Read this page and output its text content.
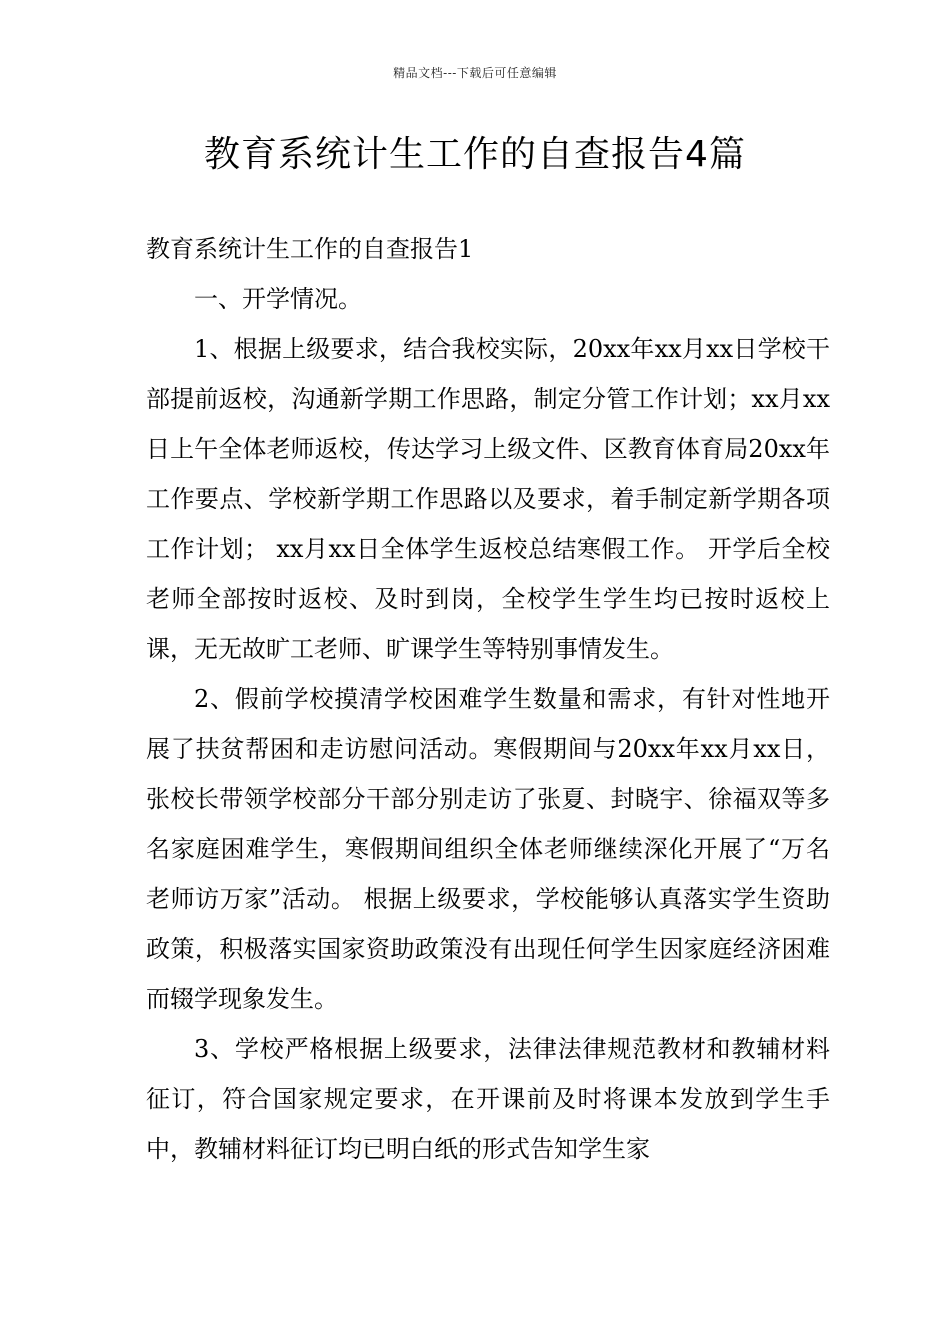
精品文档---下载后可任意编辑
教育系统计生工作的自查报告4篇

教育系统计生工作的自查报告1

一、开学情况。

1、根据上级要求，结合我校实际，20xx年xx月xx日学校干部提前返校，沟通新学期工作思路，制定分管工作计划；xx月xx日上午全体老师返校，传达学习上级文件、区教育体育局20xx年工作要点、学校新学期工作思路以及要求，着手制定新学期各项工作计划； xx月xx日全体学生返校总结寒假工作。 开学后全校老师全部按时返校、及时到岗，全校学生学生均已按时返校上课，无无故旷工老师、旷课学生等特别事情发生。

2、假前学校摸清学校困难学生数量和需求，有针对性地开展了扶贫帮困和走访慰问活动。寒假期间与20xx年xx月xx日，张校长带领学校部分干部分别走访了张夏、封晓宇、徐福双等多名家庭困难学生，寒假期间组织全体老师继续深化开展了“万名老师访万家”活动。 根据上级要求，学校能够认真落实学生资助政策，积极落实国家资助政策没有出现任何学生因家庭经济困难而辍学现象发生。

3、学校严格根据上级要求，法律法律规范教材和教辅材料征订，符合国家规定要求，在开课前及时将课本发放到学生手中，教辅材料征订均已明白纸的形式告知学生家
